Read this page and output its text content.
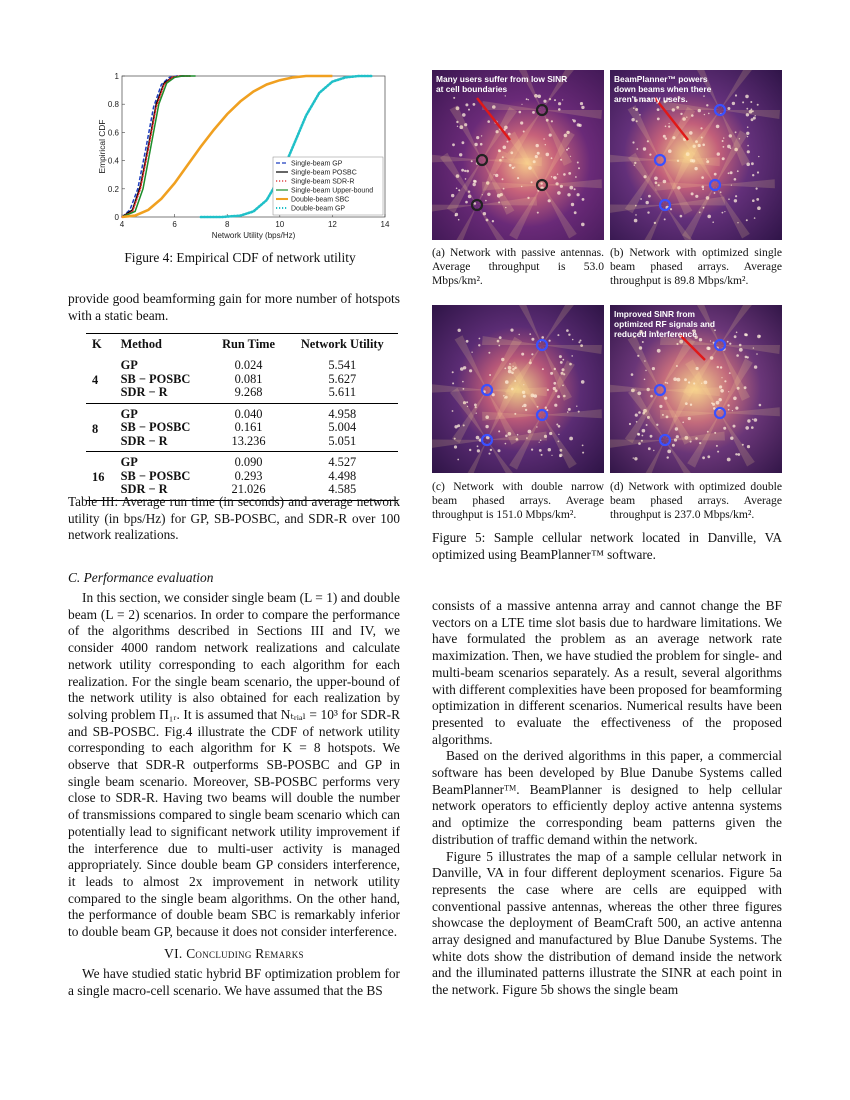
4	6	8	10	12	14
0
0.2
0.4
0.6
0.8
1
Network Utility (bps/Hz)
Empirical CDF	Single-beam GP
Single-beam POSBC
Single-beam SDR-R
Single-beam Upper-bound
Double-beam SBC
Double-beam GP
Figure 4: Empirical CDF of network utility

provide good beamforming gain for more number of hotspots with a static beam.

K	Method	Run Time	Network Utility
4	GP	0.024	5.541
	SB − POSBC	0.081	5.627
	SDR − R	9.268	5.611
8	GP	0.040	4.958
	SB − POSBC	0.161	5.004
	SDR − R	13.236	5.051
16	GP	0.090	4.527
	SB − POSBC	0.293	4.498
	SDR − R	21.026	4.585
Table III: Average run time (in seconds) and average network utility (in bps/Hz) for GP, SB-POSBC, and SDR-R over 100 network realizations.
C. Performance evaluation

In this section, we consider single beam (L = 1) and double beam (L = 2) scenarios. In order to compare the performance of the algorithms described in Sections III and IV, we consider 4000 random network realizations and calculate network utility corresponding to each algorithm for each realization. For the single beam scenario, the upper-bound of the network utility is also obtained for each realization by solving problem Π₁ᵣ. It is assumed that Nₜᵣᵢₐₗ = 10³ for SDR-R and SB-POSBC. Fig.4 illustrate the CDF of network utility corresponding to each algorithm for K = 8 hotspots. We observe that SDR-R outperforms SB-POSBC and GP in single beam scenario. Moreover, SB-POSBC performs very close to SDR-R. Having two beams will double the number of transmissions compared to single beam scenario which can potentially lead to significant network utility improvement if the interference due to multi-user activity is managed appropriately. Since double beam GP considers interference, it leads to almost 2x improvement in network utility compared to the single beam algorithms. On the other hand, the performance of double beam SBC is remarkably inferior to double beam GP, because it does not consider interference.

VI. Concluding Remarks

We have studied static hybrid BF optimization problem for a single macro-cell scenario. We have assumed that the BS

Many users suffer from low SINR at cell boundaries
BeamPlanner™ powers down beams when there aren't many users.
Improved SINR from optimized RF signals and reduced interference
(a) Network with passive antennas. Average throughput is 53.0 Mbps/km².
(b) Network with optimized single beam phased arrays. Average throughput is 89.8 Mbps/km².
(c) Network with double narrow beam phased arrays. Average throughput is 151.0 Mbps/km².
(d) Network with optimized double beam phased arrays. Average throughput is 237.0 Mbps/km².
Figure 5: Sample cellular network located in Danville, VA optimized using BeamPlanner™ software.

consists of a massive antenna array and cannot change the BF vectors on a LTE time slot basis due to hardware limitations. We have formulated the problem as an average network rate maximization. Then, we have studied the problem for single- and multi-beam scenarios separately. As a result, several algorithms with different complexities have been proposed for beamforming optimization in different scenarios. Numerical results have been presented to evaluate the effectiveness of the proposed algorithms.

Based on the derived algorithms in this paper, a commercial software has been developed by Blue Danube Systems called BeamPlannerᵀᴹ. BeamPlanner is designed to help cellular network operators to efficiently deploy active antenna systems and optimize the corresponding beam patterns given the distribution of traffic demand within the network.

Figure 5 illustrates the map of a sample cellular network in Danville, VA in four different deployment scenarios. Figure 5a represents the case where are cells are equipped with conventional passive antennas, whereas the other three figures showcase the deployment of BeamCraft 500, an active antenna array designed and manufactured by Blue Danube Systems. The white dots show the distribution of demand inside the network and the illuminated patterns illustrate the SINR at each point in the network. Figure 5b shows the single beam
